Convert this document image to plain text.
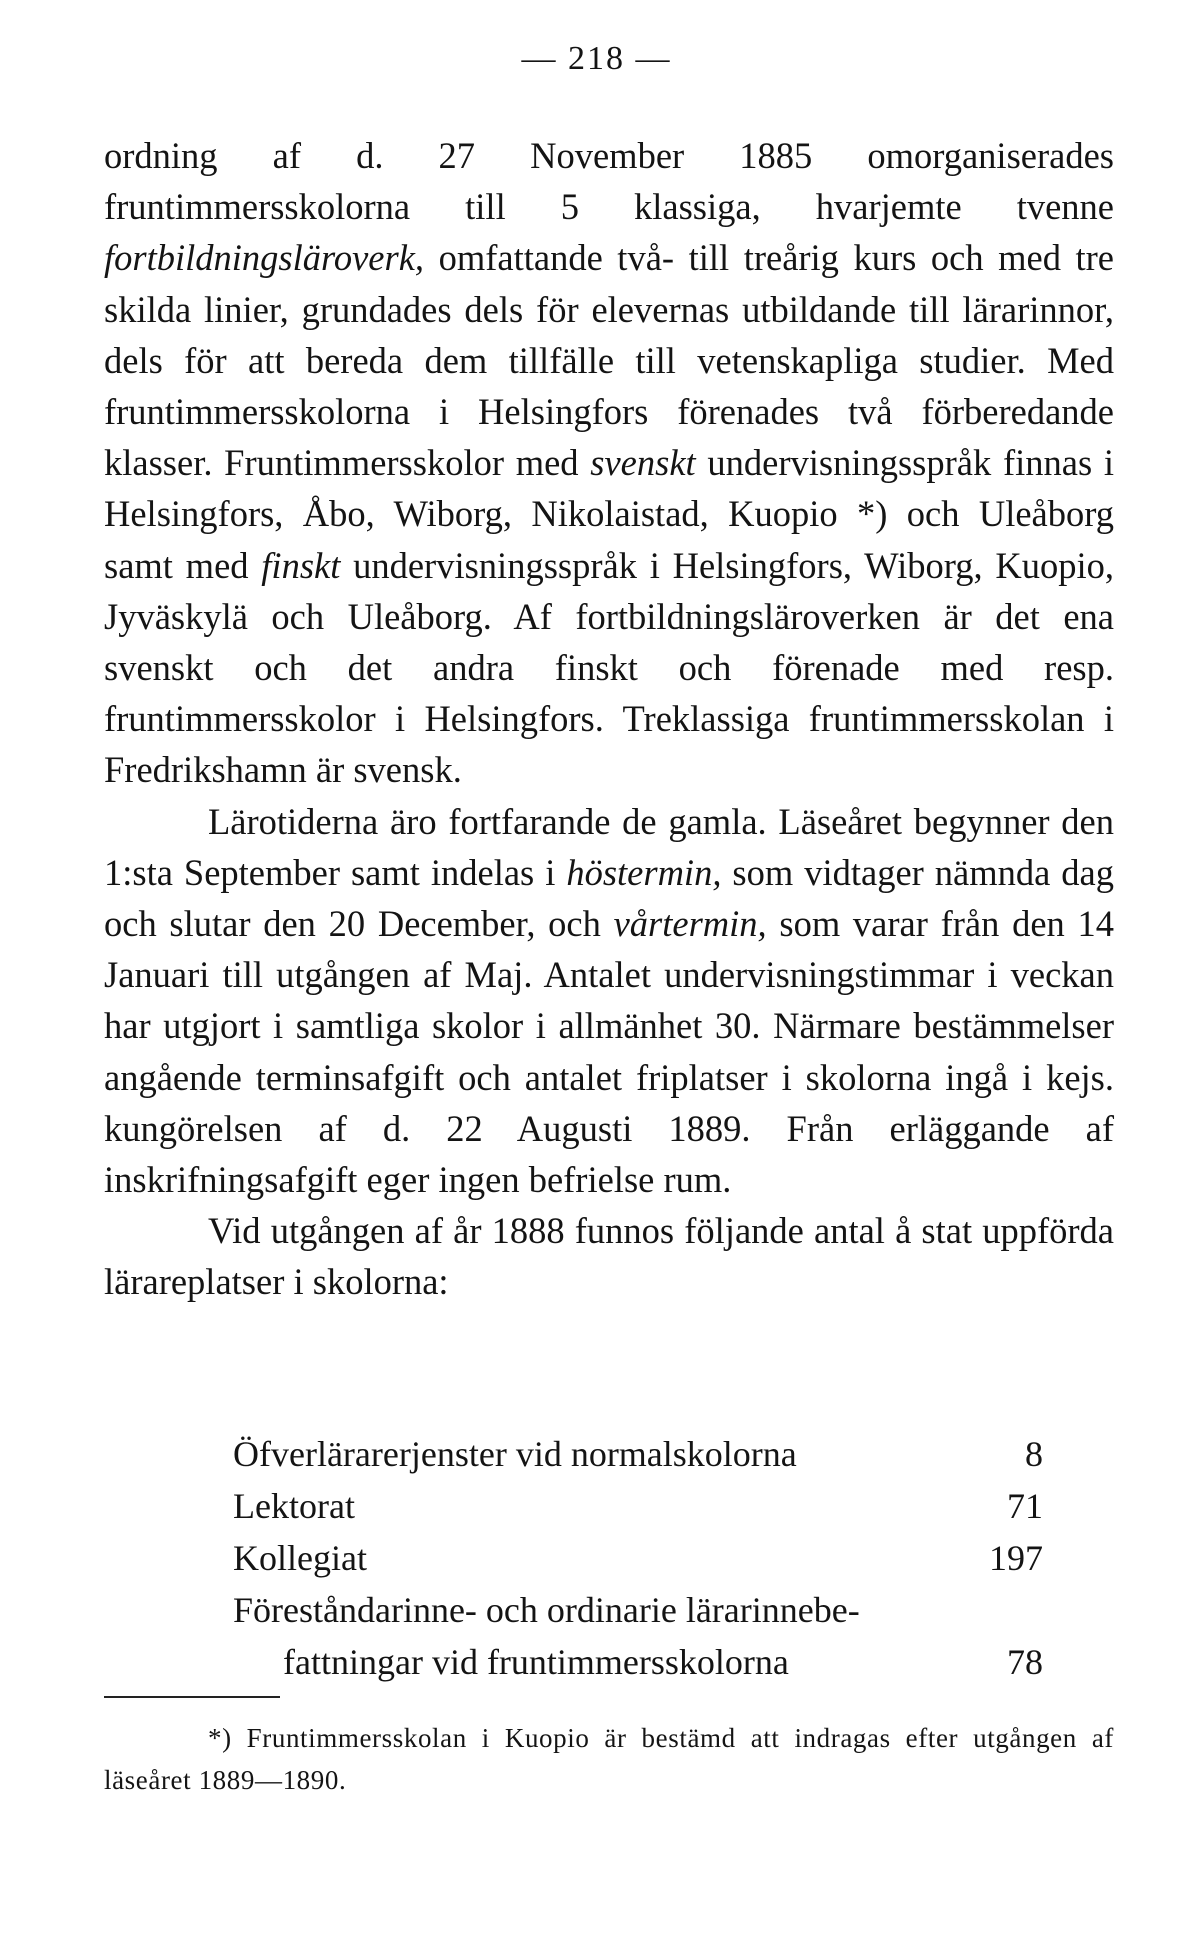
— 218 —

ordning af d. 27 November 1885 omorganiserades fruntimmersskolorna till 5 klassiga, hvarjemte tvenne fortbildningsläroverk, omfattande två- till treårig kurs och med tre skilda linier, grundades dels för elevernas utbildande till lärarinnor, dels för att bereda dem tillfälle till vetenskapliga studier. Med fruntimmersskolorna i Helsingfors förenades två förberedande klasser. Fruntimmersskolor med svenskt undervisningsspråk finnas i Helsingfors, Åbo, Wiborg, Nikolaistad, Kuopio *) och Uleåborg samt med finskt undervisningsspråk i Helsingfors, Wiborg, Kuopio, Jyväskylä och Uleåborg. Af fortbildningsläroverken är det ena svenskt och det andra finskt och förenade med resp. fruntimmersskolor i Helsingfors. Treklassiga fruntimmersskolan i Fredrikshamn är svensk.

Lärotiderna äro fortfarande de gamla. Läseåret begynner den 1:sta September samt indelas i höstermin, som vidtager nämnda dag och slutar den 20 December, och vårtermin, som varar från den 14 Januari till utgången af Maj. Antalet undervisningstimmar i veckan har utgjort i samtliga skolor i allmänhet 30. Närmare bestämmelser angående terminsafgift och antalet friplatser i skolorna ingå i kejs. kungörelsen af d. 22 Augusti 1889. Från erläggande af inskrifningsafgift eger ingen befrielse rum.

Vid utgången af år 1888 funnos följande antal å stat uppförda lärareplatser i skolorna:

Öfverlärarerjenster vid normalskolorna	8
Lektorat	71
Kollegiat	197
Föreståndarinne- och ordinarie lärarinnebe-
fattningar vid fruntimmersskolorna	78

*) Fruntimmersskolan i Kuopio är bestämd att indragas efter utgången af läseåret 1889—1890.
